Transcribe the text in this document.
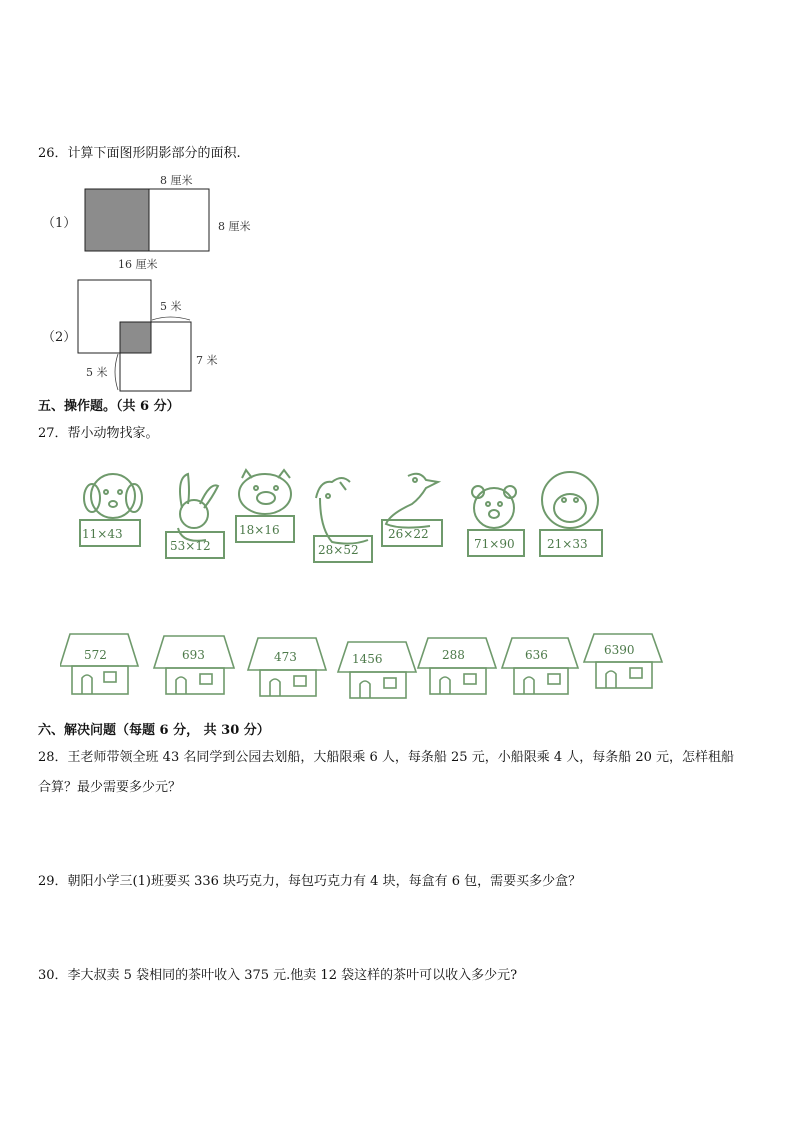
26．计算下面图形阴影部分的面积.
（1）
8 厘米
8 厘米
16 厘米
（2）
5 米
7 米
5 米
五、操作题。（共 6 分）
27．帮小动物找家。
11×43
53×12
18×16
28×52
26×22
71×90	21×33
572	693	473	1456	288	636	6390
六、解决问题（每题 6 分， 共 30 分）
28．王老师带领全班 43 名同学到公园去划船，大船限乘 6 人，每条船 25 元，小船限乘 4 人，每条船 20 元，怎样租船
合算？最少需要多少元？
29．朝阳小学三(1)班要买 336 块巧克力，每包巧克力有 4 块，每盒有 6 包，需要买多少盒？
30．李大叔卖 5 袋相同的茶叶收入 375 元.他卖 12 袋这样的茶叶可以收入多少元?
